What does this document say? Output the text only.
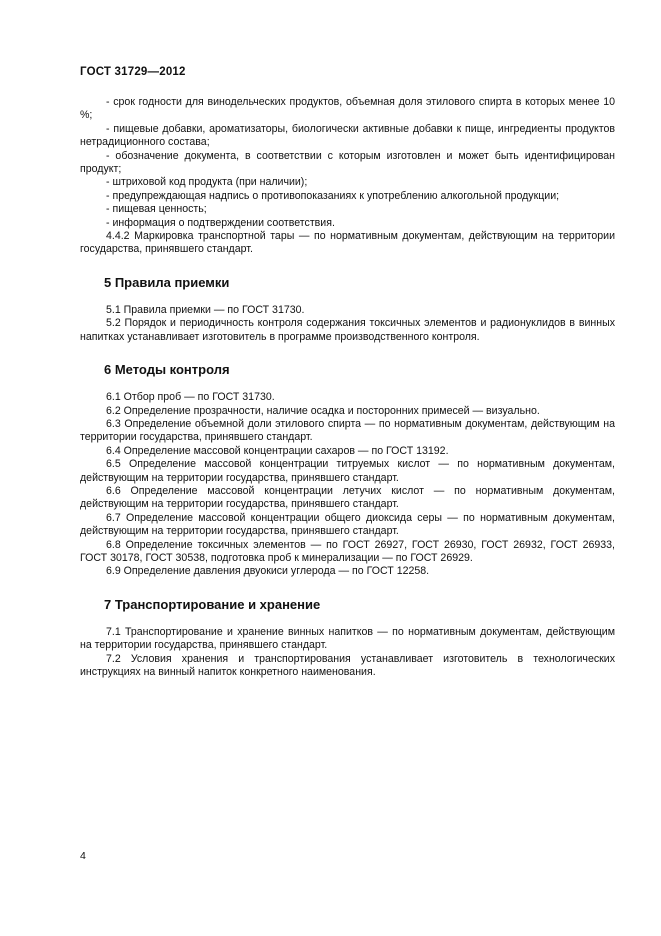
ГОСТ 31729—2012

- срок годности для винодельческих продуктов, объемная доля этилового спирта в которых менее 10 %;

- пищевые добавки, ароматизаторы, биологически активные добавки к пище, ингредиенты продуктов нетрадиционного состава;

- обозначение документа, в соответствии с которым изготовлен и может быть идентифицирован продукт;

- штриховой код продукта (при наличии);

- предупреждающая надпись о противопоказаниях к употреблению алкогольной продукции;

- пищевая ценность;

- информация о подтверждении соответствия.

4.4.2 Маркировка транспортной тары — по нормативным документам, действующим на территории государства, принявшего стандарт.

5 Правила приемки

5.1 Правила приемки — по ГОСТ 31730.

5.2 Порядок и периодичность контроля содержания токсичных элементов и радионуклидов в винных напитках устанавливает изготовитель в программе производственного контроля.

6 Методы контроля

6.1 Отбор проб — по ГОСТ 31730.

6.2 Определение прозрачности, наличие осадка и посторонних примесей — визуально.

6.3 Определение объемной доли этилового спирта — по нормативным документам, действующим на территории государства, принявшего стандарт.

6.4 Определение массовой концентрации сахаров — по ГОСТ 13192.

6.5 Определение массовой концентрации титруемых кислот — по нормативным документам, действующим на территории государства, принявшего стандарт.

6.6 Определение массовой концентрации летучих кислот — по нормативным документам, действующим на территории государства, принявшего стандарт.

6.7 Определение массовой концентрации общего диоксида серы — по нормативным документам, действующим на территории государства, принявшего стандарт.

6.8 Определение токсичных элементов — по ГОСТ 26927, ГОСТ 26930, ГОСТ 26932, ГОСТ 26933, ГОСТ 30178, ГОСТ 30538, подготовка проб к минерализации — по ГОСТ 26929.

6.9 Определение давления двуокиси углерода — по ГОСТ 12258.

7 Транспортирование и хранение

7.1 Транспортирование и хранение винных напитков — по нормативным документам, действующим на территории государства, принявшего стандарт.

7.2 Условия хранения и транспортирования устанавливает изготовитель в технологических инструкциях на винный напиток конкретного наименования.

4
